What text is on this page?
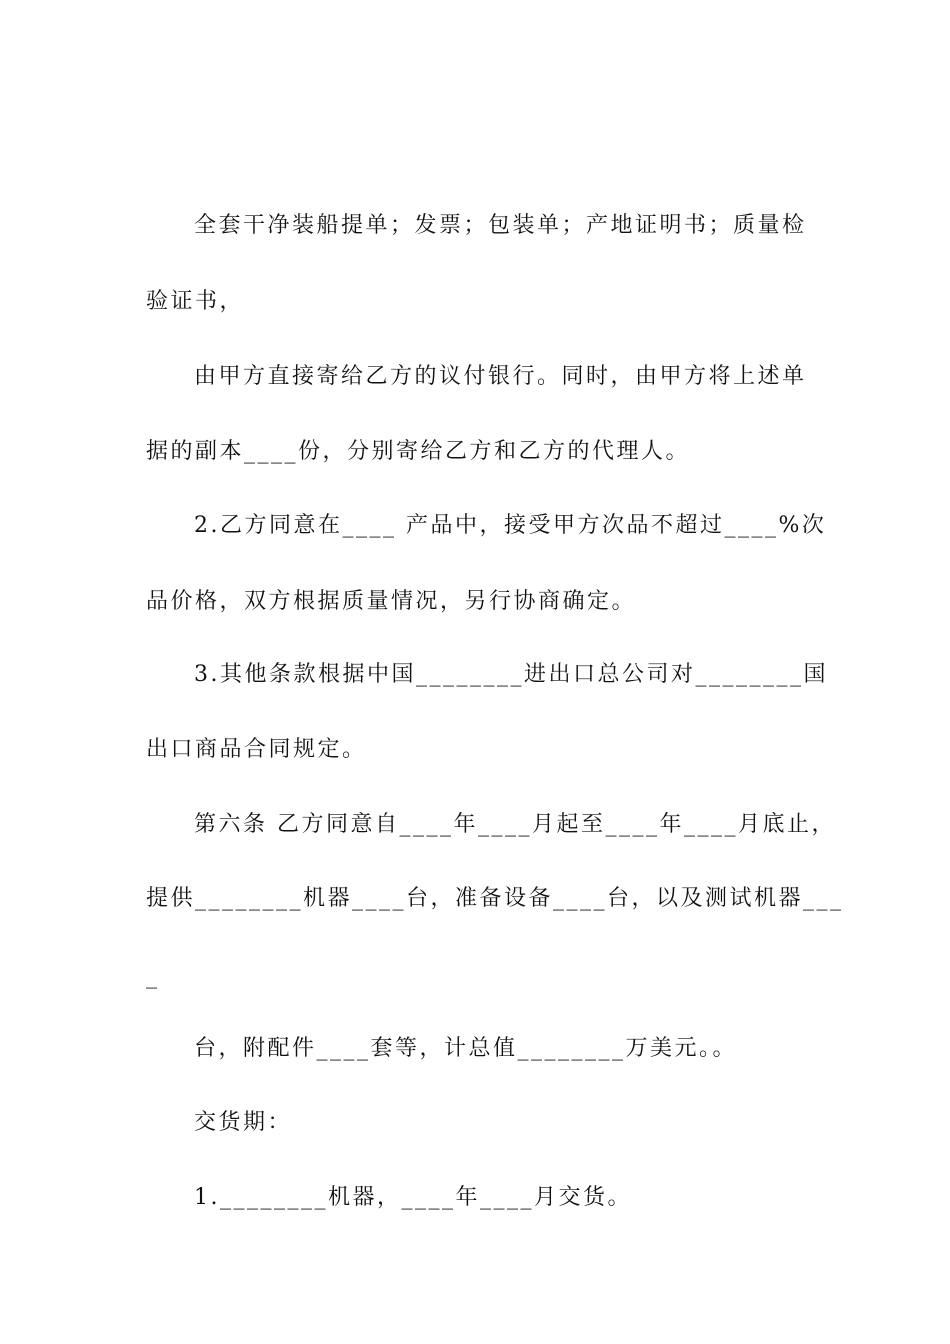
全套干净装船提单；发票；包装单；产地证明书；质量检
验证书，
由甲方直接寄给乙方的议付银行。同时，由甲方将上述单
据的副本____份，分别寄给乙方和乙方的代理人。
2.乙方同意在____ 产品中，接受甲方次品不超过____%次
品价格，双方根据质量情况，另行协商确定。
3.其他条款根据中国________进出口总公司对________国
出口商品合同规定。
第六条 乙方同意自____年____月起至____年____月底止，
提供________机器____台，准备设备____台，以及测试机器___
_
台，附配件____套等，计总值________万美元。。
交货期：
1.________机器，____年____月交货。
